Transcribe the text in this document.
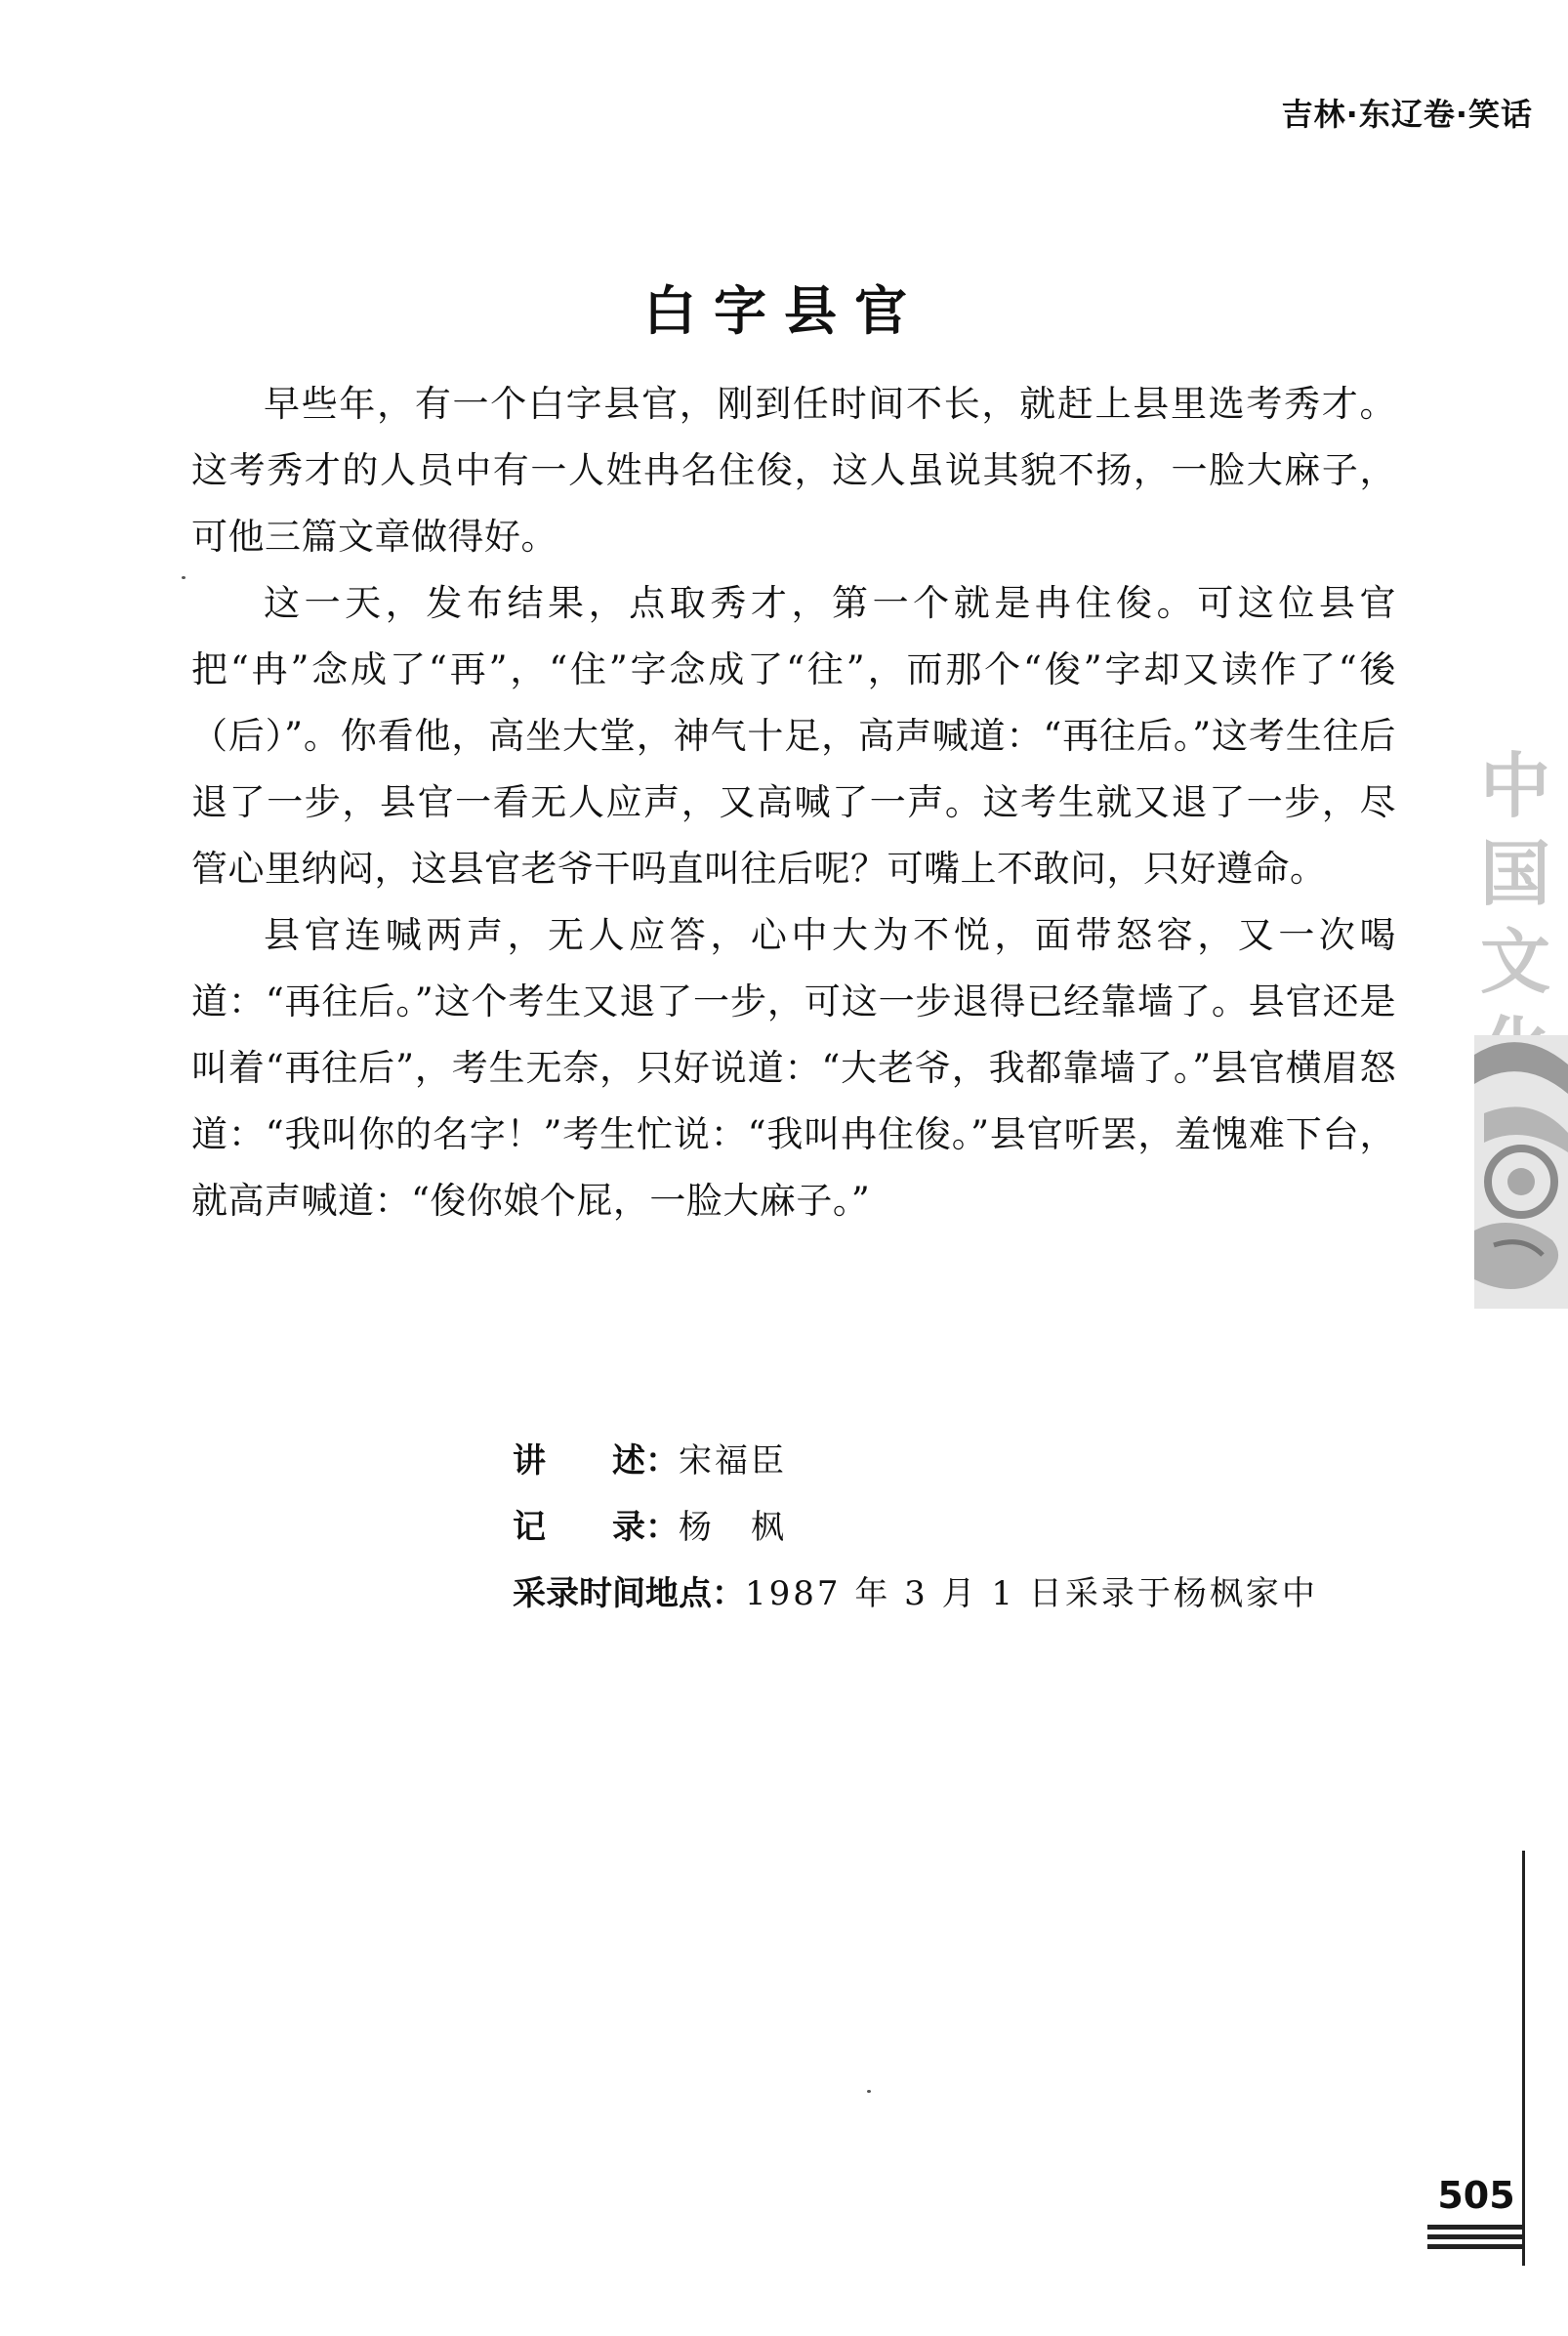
吉林·东辽卷·笑话
白字县官

早些年，有一个白字县官，刚到任时间不长，就赶上县里选考秀才。这考秀才的人员中有一人姓冉名住俊，这人虽说其貌不扬，一脸大麻子，可他三篇文章做得好。

这一天，发布结果，点取秀才，第一个就是冉住俊。可这位县官把“冉”念成了“再”，“住”字念成了“往”，而那个“俊”字却又读作了“後（后）”。你看他，高坐大堂，神气十足，高声喊道：“再往后。”这考生往后退了一步，县官一看无人应声，又高喊了一声。这考生就又退了一步，尽管心里纳闷，这县官老爷干吗直叫往后呢？可嘴上不敢问，只好遵命。

县官连喊两声，无人应答，心中大为不悦，面带怒容，又一次喝道：“再往后。”这个考生又退了一步，可这一步退得已经靠墙了。县官还是叫着“再往后”，考生无奈，只好说道：“大老爷，我都靠墙了。”县官横眉怒道：“我叫你的名字！”考生忙说：“我叫冉住俊。”县官听罢，羞愧难下台，就高声喊道：“俊你娘个屁，一脸大麻子。”

讲　　述：宋福臣
记　　录：杨　枫
采录时间地点：1987 年 3 月 1 日采录于杨枫家中
中国文
505
